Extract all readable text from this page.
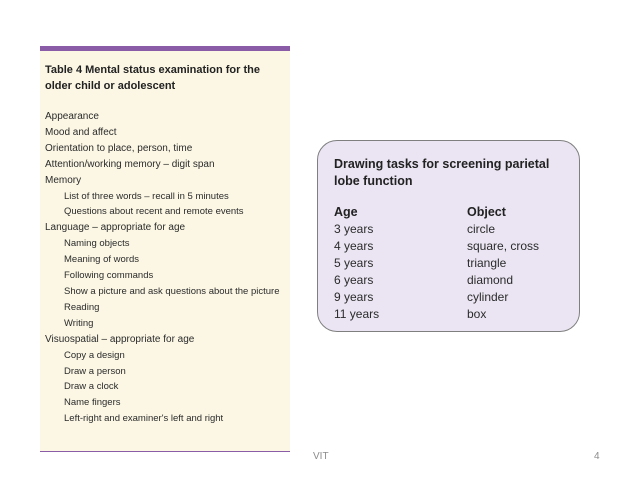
Table 4 Mental status examination for the older child or adolescent
Appearance
Mood and affect
Orientation to place, person, time
Attention/working memory – digit span
Memory
List of three words – recall in 5 minutes
Questions about recent and remote events
Language – appropriate for age
Naming objects
Meaning of words
Following commands
Show a picture and ask questions about the picture
Reading
Writing
Visuospatial – appropriate for age
Copy a design
Draw a person
Draw a clock
Name fingers
Left-right and examiner's left and right
Drawing tasks for screening parietal lobe function
Age	Object
3 years	circle
4 years	square, cross
5 years	triangle
6 years	diamond
9 years	cylinder
11 years	box
VIT	4
